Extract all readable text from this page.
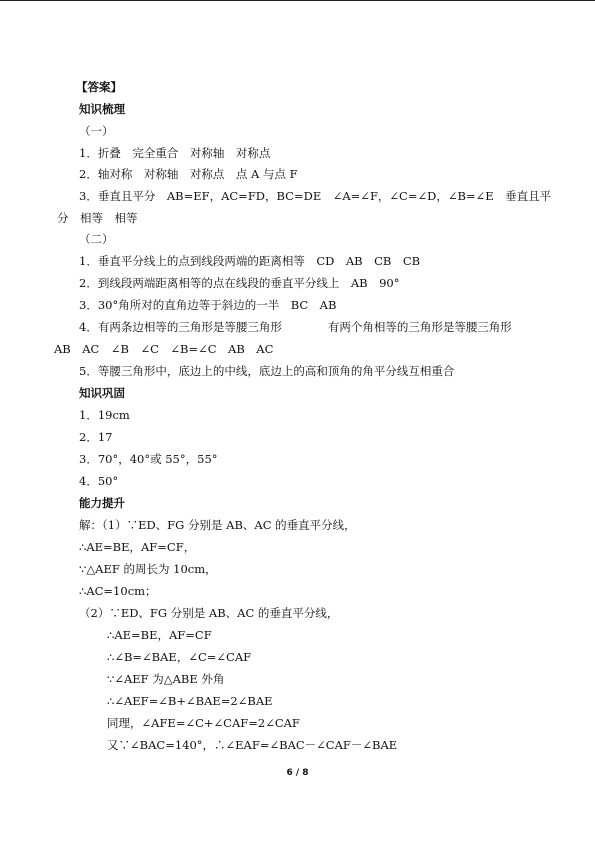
【答案】
知识梳理
（一）
1．折叠　完全重合　对称轴　对称点
2．轴对称　对称轴　对称点　点 A 与点 F
3．垂直且平分　AB=EF，AC=FD，BC=DE　∠A=∠F，∠C=∠D，∠B=∠E　垂直且平
分　相等　相等
（二）
1．垂直平分线上的点到线段两端的距离相等　CD　AB　CB　CB
2．到线段两端距离相等的点在线段的垂直平分线上　AB　90°
3．30°角所对的直角边等于斜边的一半　BC　AB
4．有两条边相等的三角形是等腰三角形　　　　有两个角相等的三角形是等腰三角形
AB　AC　∠B　∠C　∠B=∠C　AB　AC
5．等腰三角形中，底边上的中线，底边上的高和顶角的角平分线互相重合
知识巩固
1．19cm
2．17
3．70°，40°或 55°，55°
4．50°
能力提升
解：（1）∵ED、FG 分别是 AB、AC 的垂直平分线，
∴AE=BE，AF=CF，
∵△AEF 的周长为 10cm，
∴AC=10cm；
（2）∵ED、FG 分别是 AB、AC 的垂直平分线，
∴AE=BE，AF=CF
∴∠B=∠BAE，∠C=∠CAF
∵∠AEF 为△ABE 外角
∴∠AEF=∠B+∠BAE=2∠BAE
同理，∠AFE=∠C+∠CAF=2∠CAF
又∵∠BAC=140°，∴∠EAF=∠BAC－∠CAF－∠BAE
6 / 8
